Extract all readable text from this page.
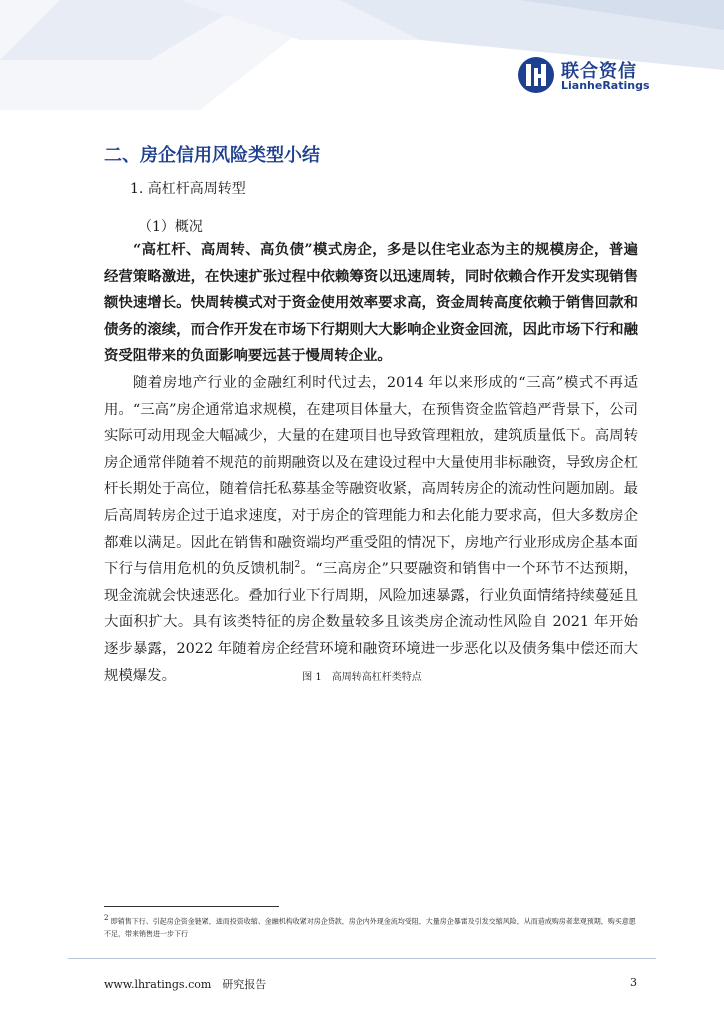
联合资信
LianheRatings
二、房企信用风险类型小结
1. 高杠杆高周转型
（1）概况

“高杠杆、高周转、高负债”模式房企，多是以住宅业态为主的规模房企，普遍经营策略激进，在快速扩张过程中依赖筹资以迅速周转，同时依赖合作开发实现销售额快速增长。快周转模式对于资金使用效率要求高，资金周转高度依赖于销售回款和债务的滚续，而合作开发在市场下行期则大大影响企业资金回流，因此市场下行和融资受阻带来的负面影响要远甚于慢周转企业。

随着房地产行业的金融红利时代过去，2014 年以来形成的“三高”模式不再适用。“三高”房企通常追求规模，在建项目体量大，在预售资金监管趋严背景下，公司实际可动用现金大幅减少，大量的在建项目也导致管理粗放，建筑质量低下。高周转房企通常伴随着不规范的前期融资以及在建设过程中大量使用非标融资，导致房企杠杆长期处于高位，随着信托私募基金等融资收紧，高周转房企的流动性问题加剧。最后高周转房企过于追求速度，对于房企的管理能力和去化能力要求高，但大多数房企都难以满足。因此在销售和融资端均严重受阻的情况下，房地产行业形成房企基本面下行与信用危机的负反馈机制$^2$。“三高房企”只要融资和销售中一个环节不达预期，现金流就会快速恶化。叠加行业下行周期，风险加速暴露，行业负面情绪持续蔓延且大面积扩大。具有该类特征的房企数量较多且该类房企流动性风险自 2021 年开始逐步暴露，2022 年随着房企经营环境和融资环境进一步恶化以及债务集中偿还而大规模爆发。	图 1　高周转高杠杆类特点

2 即销售下行、引起房企资金链紧，进而投资收缩、金融机构收紧对房企贷款，房企内外现金流均受阻，大量房企暴雷及引发交缩风险，从而造成购房者悲观预期，购买意愿不足，带来销售进一步下行

www.lhratings.com　 研究报告	3
